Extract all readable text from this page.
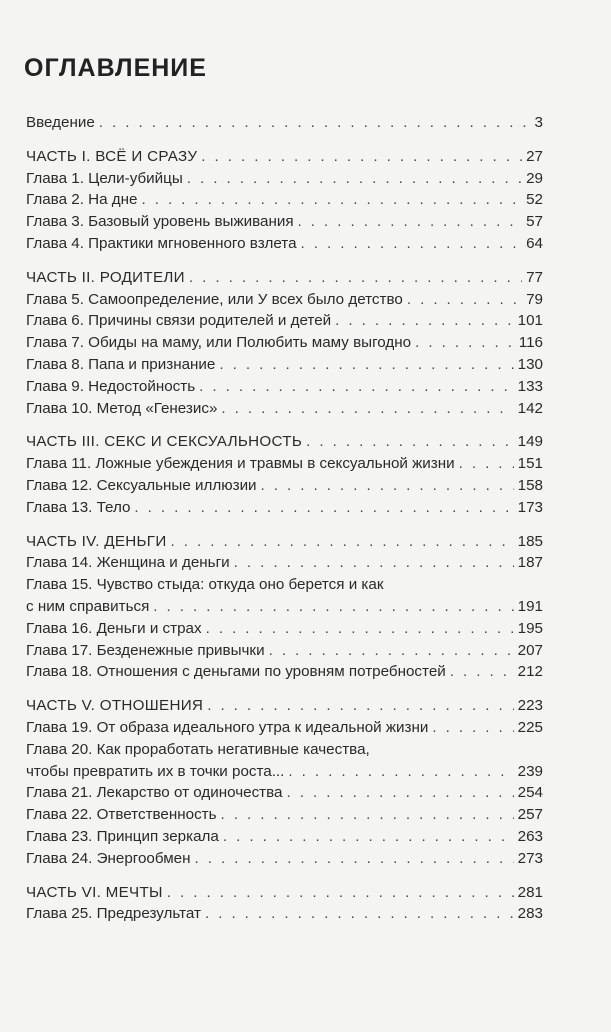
ОГЛАВЛЕНИЕ
Введение . . .	3
ЧАСТЬ I. ВСЁ И СРАЗУ . . .	27
Глава 1. Цели-убийцы . . .	29
Глава 2. На дне . . .	52
Глава 3. Базовый уровень выживания . . .	57
Глава 4. Практики мгновенного взлета . . .	64
ЧАСТЬ II. РОДИТЕЛИ . . .	77
Глава 5. Самоопределение, или У всех было детство . . .	79
Глава 6. Причины связи родителей и детей . . .	101
Глава 7. Обиды на маму, или Полюбить маму выгодно . . .	116
Глава 8. Папа и признание . . .	130
Глава 9. Недостойность . . .	133
Глава 10. Метод «Генезис» . . .	142
ЧАСТЬ III. СЕКС И СЕКСУАЛЬНОСТЬ . . .	149
Глава 11. Ложные убеждения и травмы в сексуальной жизни . . .	151
Глава 12. Сексуальные иллюзии . . .	158
Глава 13. Тело . . .	173
ЧАСТЬ IV. ДЕНЬГИ . . .	185
Глава 14. Женщина и деньги . . .	187
Глава 15. Чувство стыда: откуда оно берется и как
с ним справиться . . .	191
Глава 16. Деньги и страх . . .	195
Глава 17. Безденежные привычки . . .	207
Глава 18. Отношения с деньгами по уровням потребностей . . .	212
ЧАСТЬ V. ОТНОШЕНИЯ . . .	223
Глава 19. От образа идеального утра к идеальной жизни . . .	225
Глава 20. Как проработать негативные качества,
чтобы превратить их в точки роста... . . .	239
Глава 21. Лекарство от одиночества . . .	254
Глава 22. Ответственность . . .	257
Глава 23. Принцип зеркала . . .	263
Глава 24. Энергообмен . . .	273
ЧАСТЬ VI. МЕЧТЫ . . .	281
Глава 25. Предрезультат . . .	283
